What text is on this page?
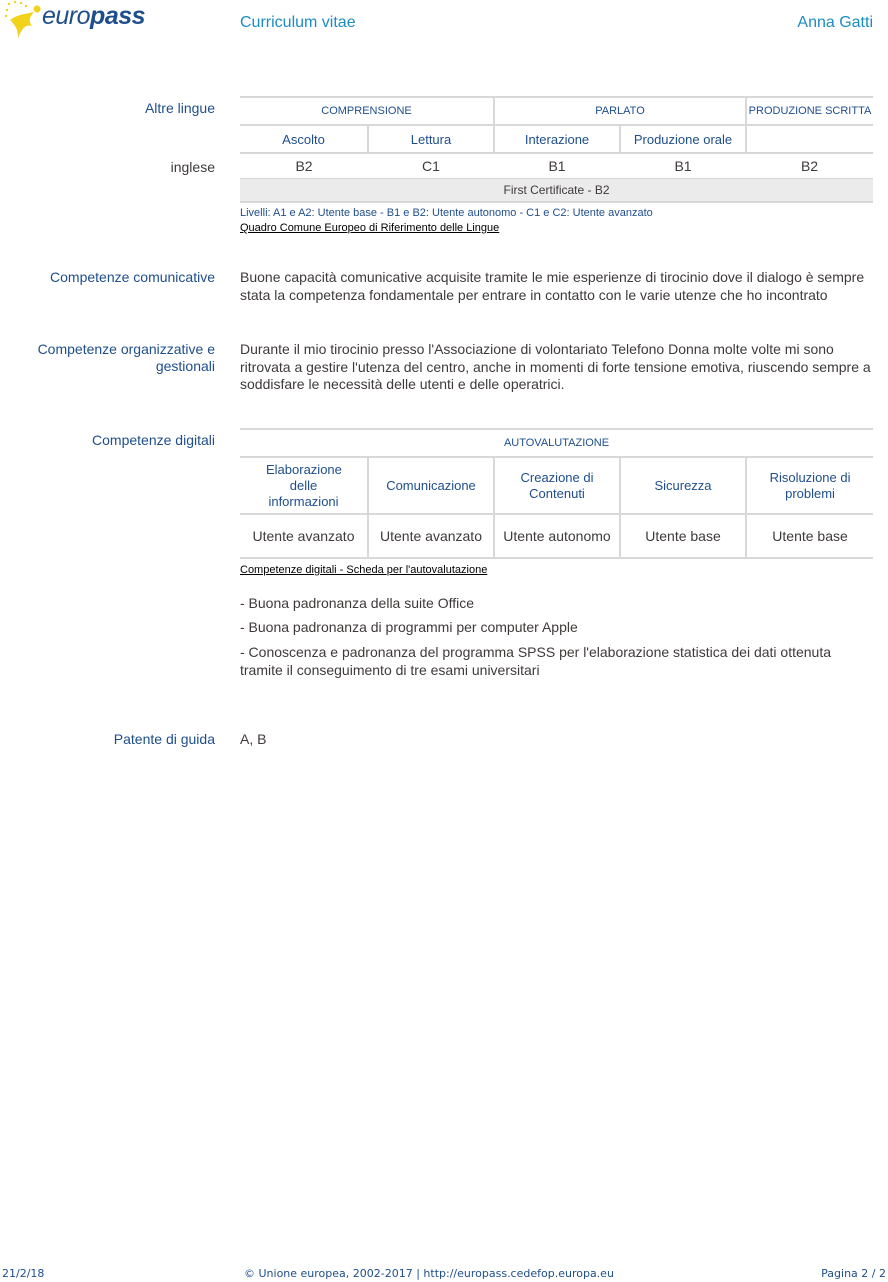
europass	Curriculum vitae	Anna Gatti
Altre lingue
inglese
COMPRENSIONE		PARLATO		PRODUZIONE SCRITTA
Ascolto	Lettura	Interazione	Produzione orale	
B2	C1	B1	B1	B2
First Certificate - B2				
Livelli: A1 e A2: Utente base - B1 e B2: Utente autonomo - C1 e C2: Utente avanzato
Quadro Comune Europeo di Riferimento delle Lingue
Competenze comunicative Buone capacità comunicative acquisite tramite le mie esperienze di tirocinio dove il dialogo è sempre stata la competenza fondamentale per entrare in contatto con le varie utenze che ho incontrato
Competenze organizzative e
gestionali
Durante il mio tirocinio presso l'Associazione di volontariato Telefono Donna molte volte mi sono ritrovata a gestire l'utenza del centro, anche in momenti di forte tensione emotiva, riuscendo sempre a soddisfare le necessità delle utenti e delle operatrici.
Competenze digitali	AUTOVALUTAZIONE				
Elaborazione delle informazioni	Comunicazione	Creazione di Contenuti	Sicurezza	Risoluzione di problemi
Utente avanzato	Utente avanzato	Utente autonomo	Utente base	Utente base
Competenze digitali - Scheda per l'autovalutazione
- Buona padronanza della suite Office
- Buona padronanza di programmi per computer Apple
- Conoscenza e padronanza del programma SPSS per l'elaborazione statistica dei dati ottenuta tramite il conseguimento di tre esami universitari
Patente di guida A, B
21/2/18	© Unione europea, 2002-2017 | http://europass.cedefop.europa.eu	Pagina 2 / 2
